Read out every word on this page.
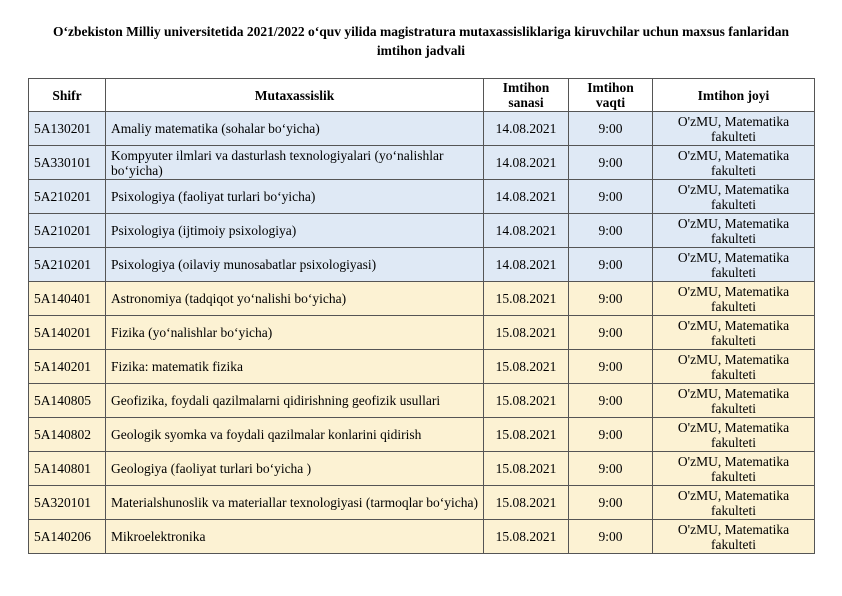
O‘zbekiston Milliy universitetida 2021/2022 o‘quv yilida magistratura mutaxassisliklariga kiruvchilar uchun maxsus fanlaridan
imtihon jadvali
Shifr	Mutaxassislik	Imtihon sanasi	Imtihon vaqti	Imtihon joyi
5A130201	Amaliy matematika (sohalar bo‘yicha)	14.08.2021	9:00	O'zMU, Matematika fakulteti
5A330101	Kompyuter ilmlari va dasturlash texnologiyalari (yo‘nalishlar bo‘yicha)	14.08.2021	9:00	O'zMU, Matematika fakulteti
5A210201	Psixologiya (faoliyat turlari bo‘yicha)	14.08.2021	9:00	O'zMU, Matematika fakulteti
5A210201	Psixologiya (ijtimoiy psixologiya)	14.08.2021	9:00	O'zMU, Matematika fakulteti
5A210201	Psixologiya (oilaviy munosabatlar psixologiyasi)	14.08.2021	9:00	O'zMU, Matematika fakulteti
5A140401	Astronomiya (tadqiqot yo‘nalishi bo‘yicha)	15.08.2021	9:00	O'zMU, Matematika fakulteti
5A140201	Fizika (yo‘nalishlar bo‘yicha)	15.08.2021	9:00	O'zMU, Matematika fakulteti
5A140201	Fizika: matematik fizika	15.08.2021	9:00	O'zMU, Matematika fakulteti
5A140805	Geofizika, foydali qazilmalarni qidirishning geofizik usullari	15.08.2021	9:00	O'zMU, Matematika fakulteti
5A140802	Geologik syomka va foydali qazilmalar konlarini qidirish	15.08.2021	9:00	O'zMU, Matematika fakulteti
5A140801	Geologiya (faoliyat turlari bo‘yicha )	15.08.2021	9:00	O'zMU, Matematika fakulteti
5A320101	Materialshunoslik va materiallar texnologiyasi (tarmoqlar bo‘yicha)	15.08.2021	9:00	O'zMU, Matematika fakulteti
5A140206	Mikroelektronika	15.08.2021	9:00	O'zMU, Matematika fakulteti
